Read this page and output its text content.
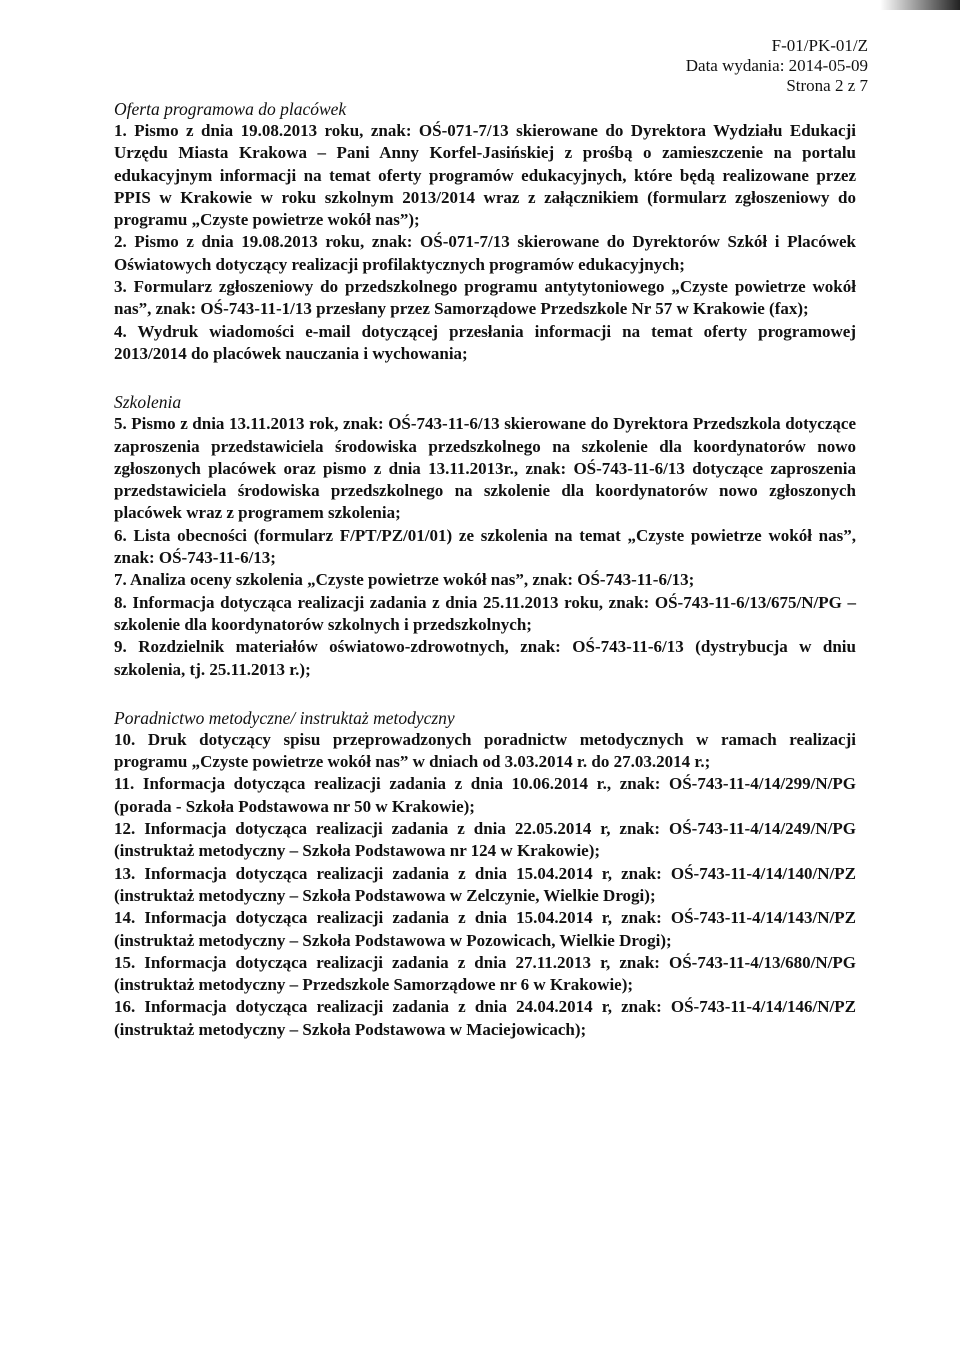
F-01/PK-01/Z
Data wydania: 2014-05-09
Strona 2 z 7

Oferta programowa do placówek

1. Pismo z dnia 19.08.2013 roku, znak: OŚ-071-7/13 skierowane do Dyrektora Wydziału Edukacji Urzędu Miasta Krakowa – Pani Anny Korfel-Jasińskiej z prośbą o zamieszczenie na portalu edukacyjnym informacji na temat oferty programów edukacyjnych, które będą realizowane przez PPIS w Krakowie w roku szkolnym 2013/2014 wraz z załącznikiem (formularz zgłoszeniowy do programu „Czyste powietrze wokół nas”);

2. Pismo z dnia 19.08.2013 roku, znak: OŚ-071-7/13 skierowane do Dyrektorów Szkół i Placówek Oświatowych dotyczący realizacji profilaktycznych programów edukacyjnych;

3. Formularz zgłoszeniowy do przedszkolnego programu antytytoniowego „Czyste powietrze wokół nas”, znak: OŚ-743-11-1/13 przesłany przez Samorządowe Przedszkole Nr 57 w Krakowie (fax);

4. Wydruk wiadomości e-mail dotyczącej przesłania informacji na temat oferty programowej 2013/2014 do placówek nauczania i wychowania;

Szkolenia

5. Pismo z dnia 13.11.2013 rok, znak: OŚ-743-11-6/13 skierowane do Dyrektora Przedszkola dotyczące zaproszenia przedstawiciela środowiska przedszkolnego na szkolenie dla koordynatorów nowo zgłoszonych placówek oraz pismo z dnia 13.11.2013r., znak: OŚ-743-11-6/13 dotyczące zaproszenia przedstawiciela środowiska przedszkolnego na szkolenie dla koordynatorów nowo zgłoszonych placówek wraz z programem szkolenia;

6. Lista obecności (formularz F/PT/PZ/01/01) ze szkolenia na temat „Czyste powietrze wokół nas”, znak: OŚ-743-11-6/13;

7. Analiza oceny szkolenia „Czyste powietrze wokół nas”, znak: OŚ-743-11-6/13;

8. Informacja dotycząca realizacji zadania z dnia 25.11.2013 roku, znak: OŚ-743-11-6/13/675/N/PG – szkolenie dla koordynatorów szkolnych i przedszkolnych;

9. Rozdzielnik materiałów oświatowo-zdrowotnych, znak: OŚ-743-11-6/13 (dystrybucja w dniu szkolenia, tj. 25.11.2013 r.);

Poradnictwo metodyczne/ instruktaż metodyczny

10. Druk dotyczący spisu przeprowadzonych poradnictw metodycznych w ramach realizacji programu „Czyste powietrze wokół nas” w dniach od 3.03.2014 r. do 27.03.2014 r.;

11. Informacja dotycząca realizacji zadania z dnia 10.06.2014 r., znak: OŚ-743-11-4/14/299/N/PG (porada - Szkoła Podstawowa nr 50 w Krakowie);

12. Informacja dotycząca realizacji zadania z dnia 22.05.2014 r, znak: OŚ-743-11-4/14/249/N/PG (instruktaż metodyczny – Szkoła Podstawowa nr 124 w Krakowie);

13. Informacja dotycząca realizacji zadania z dnia 15.04.2014 r, znak: OŚ-743-11-4/14/140/N/PZ (instruktaż metodyczny – Szkoła Podstawowa w Zelczynie, Wielkie Drogi);

14. Informacja dotycząca realizacji zadania z dnia 15.04.2014 r, znak: OŚ-743-11-4/14/143/N/PZ (instruktaż metodyczny – Szkoła Podstawowa w Pozowicach, Wielkie Drogi);

15. Informacja dotycząca realizacji zadania z dnia 27.11.2013 r, znak: OŚ-743-11-4/13/680/N/PG (instruktaż metodyczny – Przedszkole Samorządowe nr 6 w Krakowie);

16. Informacja dotycząca realizacji zadania z dnia 24.04.2014 r, znak: OŚ-743-11-4/14/146/N/PZ (instruktaż metodyczny – Szkoła Podstawowa w Maciejowicach);
